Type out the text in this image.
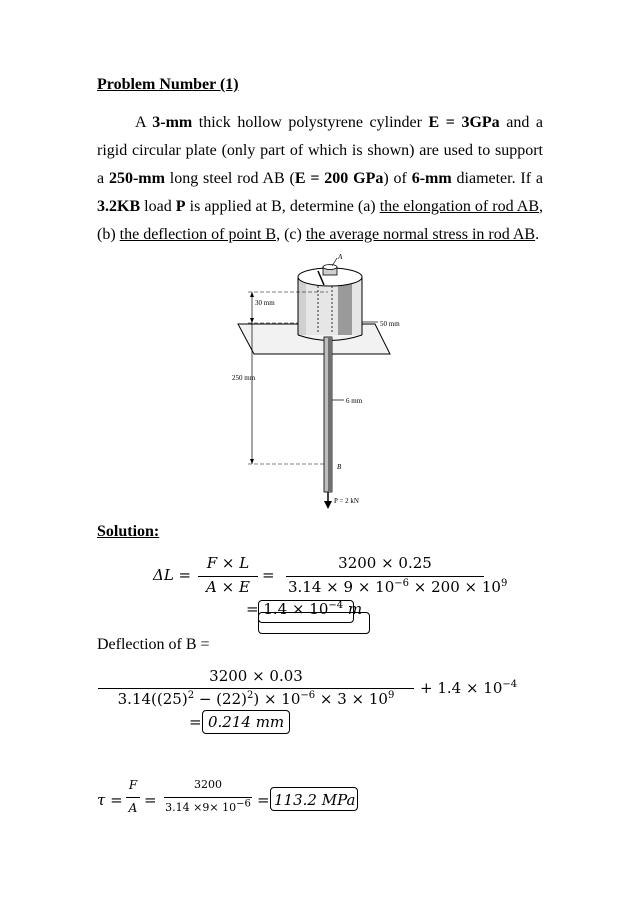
Problem Number (1)
A 3-mm thick hollow polystyrene cylinder E = 3GPa and a rigid circular plate (only part of which is shown) are used to support a 250-mm long steel rod AB (E = 200 GPa) of 6-mm diameter. If a 3.2KB load P is applied at B, determine (a) the elongation of rod AB, (b) the deflection of point B, (c) the average normal stress in rod AB.
A
30 mm
50 mm
250 mm
6 mm
B
P = 2 kN
Solution:
ΔL =
F × L
A × E
=
3200 × 0.25
$3.14 \times 9 \times 10^{-6} \times 200 \times 10^9$
= $1.4 \times 10^{-4}$ m
Deflection of B =
3200 × 0.03
$3.14((25)^2 - (22)^2) \times 10^{-6} \times 3 \times 10^9$	+ $1.4 \times 10^{-4}$
= 0.214 mm
τ =
F
A =
3200
$3.14 \times 9\times 10^{-6} = 113.2$ MPa
